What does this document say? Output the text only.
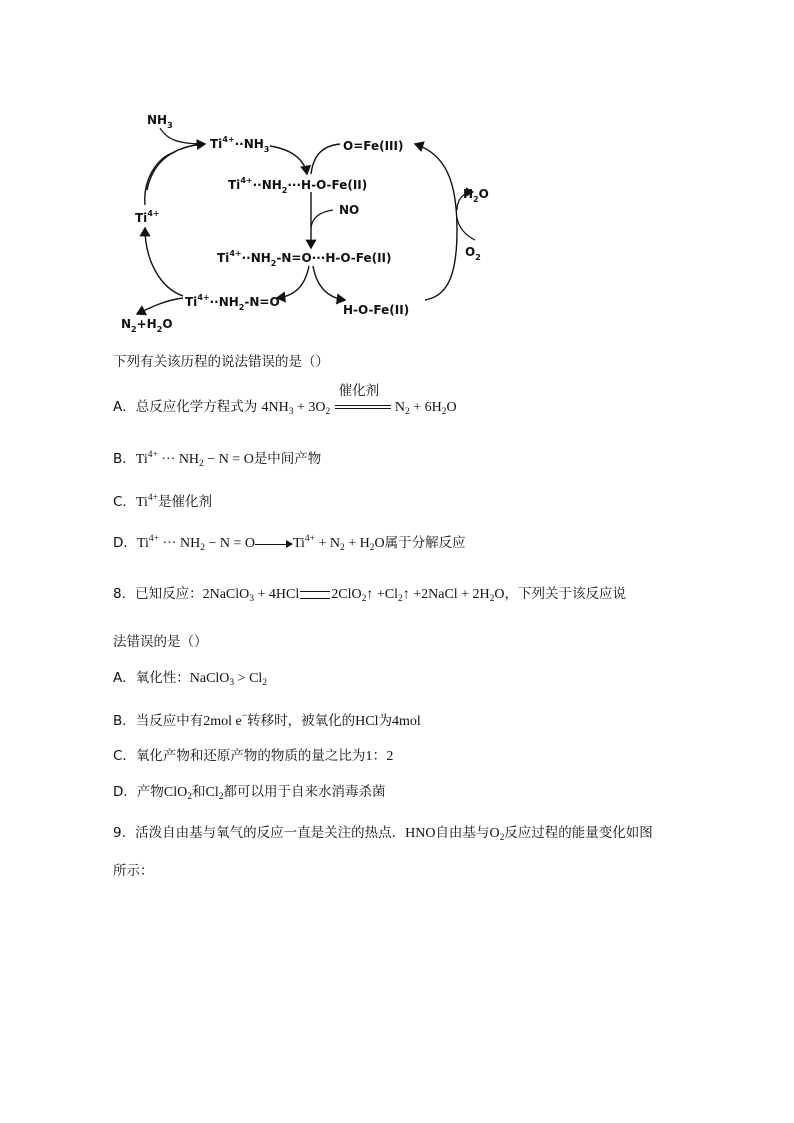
$NH_3$
$Ti^{4+}\cdot\cdot NH_3$	O=Fe(III)
$Ti^{4+}\cdot\cdot NH_2\cdot\cdot\cdot H-O-Fe(II)$
NO
$Ti^{4+}$
$H_2O$
$O_2$
$Ti^{4+}\cdot\cdot NH_2-N=O\cdot\cdot\cdot H-O-Fe(II)$
$Ti^{4+}\cdot\cdot NH_2-N=O$
H-O-Fe(II)
$N_2+H_2O$
下列有关该历程的说法错误的是（）
A．总反应化学方程式为 $4NH_3 + 3O_2$
催化剂
$N_2 + 6H_2O$
B．$Ti^{4+}$ ··· $NH_2 - N = O$是中间产物
C．$Ti^{4+}$是催化剂
D．$Ti^{4+}$ ··· $NH_2 - N = O$	$Ti^{4+} + N_2 + H_2O$属于分解反应
8．已知反应：2NaClO$_3$ + 4HCl 2ClO$_2$↑ $+Cl_2↑$ +2NaCl + $2H_2O$，下列关于该反应说
法错误的是（）
A．氧化性：NaClO$_3$ > $Cl_2$
B．当反应中有2mol e−转移时，被氧化的HCl为4mol
C．氧化产物和还原产物的物质的量之比为1：2
D．产物ClO$_2$和$Cl_2$都可以用于自来水消毒杀菌
9．活泼自由基与氧气的反应一直是关注的热点．HNO自由基与$O_2$反应过程的能量变化如图
所示：
